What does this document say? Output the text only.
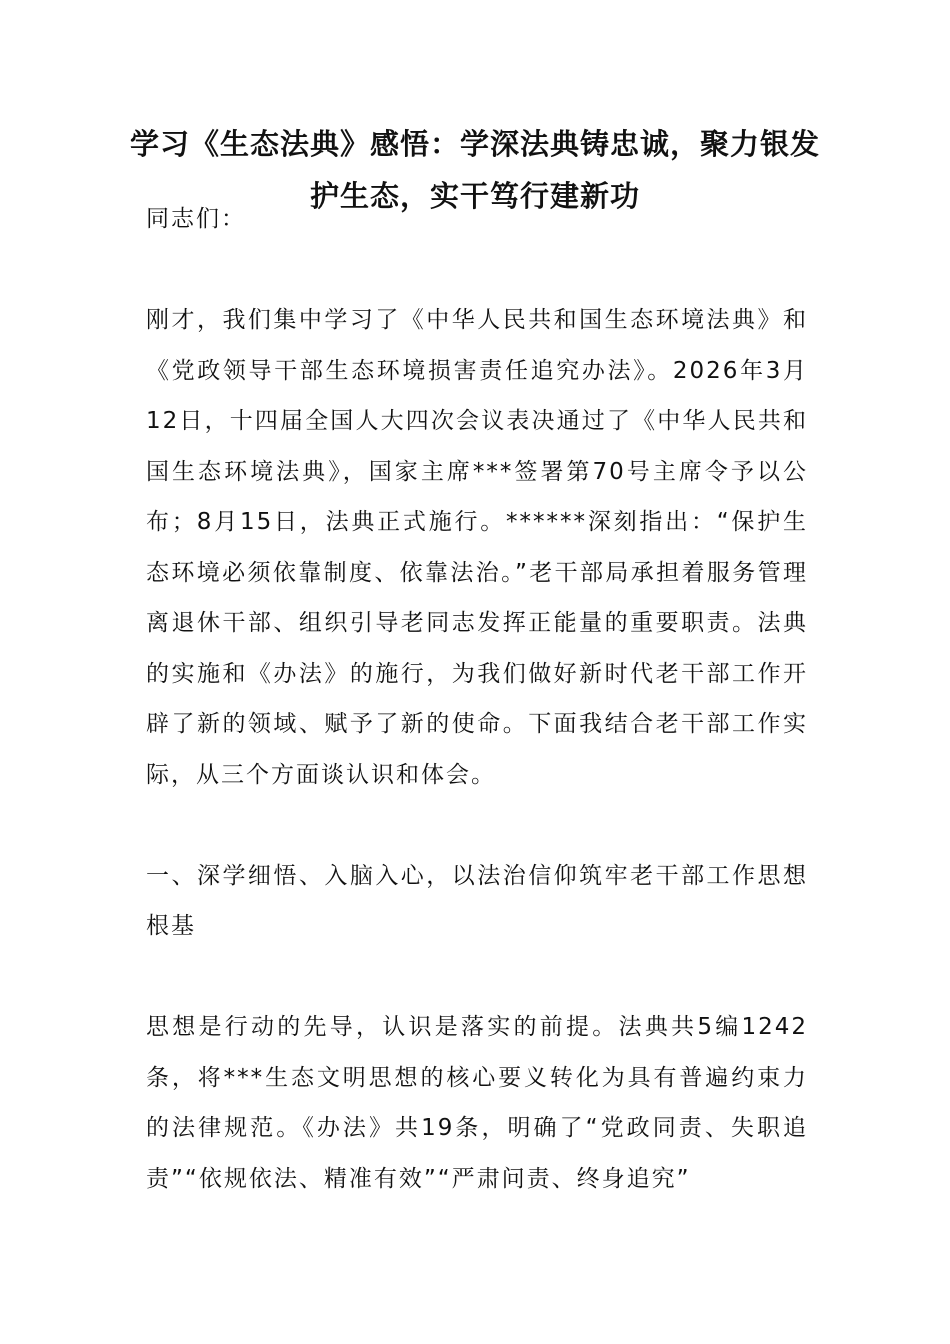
学习《生态法典》感悟：学深法典铸忠诚，聚力银发护生态，实干笃行建新功

同志们：

刚才，我们集中学习了《中华人民共和国生态环境法典》和《党政领导干部生态环境损害责任追究办法》。2026年3月12日，十四届全国人大四次会议表决通过了《中华人民共和国生态环境法典》，国家主席***签署第70号主席令予以公布；8月15日，法典正式施行。******深刻指出：“保护生态环境必须依靠制度、依靠法治。”老干部局承担着服务管理离退休干部、组织引导老同志发挥正能量的重要职责。法典的实施和《办法》的施行，为我们做好新时代老干部工作开辟了新的领域、赋予了新的使命。下面我结合老干部工作实际，从三个方面谈认识和体会。

一、深学细悟、入脑入心，以法治信仰筑牢老干部工作思想根基

思想是行动的先导，认识是落实的前提。法典共5编1242条，将***生态文明思想的核心要义转化为具有普遍约束力的法律规范。《办法》共19条，明确了“党政同责、失职追责”“依规依法、精准有效”“严肃问责、终身追究”
